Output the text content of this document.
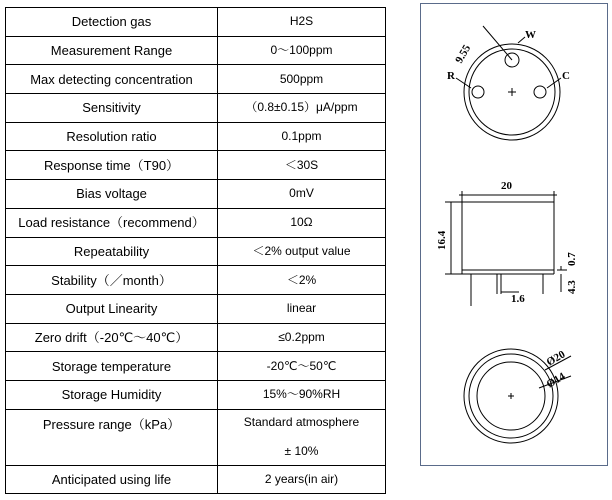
Detection gas	H2S
Measurement Range	0～100ppm
Max detecting concentration	500ppm
Sensitivity	（0.8±0.15）μA/ppm
Resolution ratio	0.1ppm
Response time（T90）	＜30S
Bias voltage	0mV
Load resistance（recommend）	10Ω
Repeatability	＜2% output value
Stability（／month）	＜2%
Output Linearity	linear
Zero drift（-20℃～40℃）	≤0.2ppm
Storage temperature	-20℃～50℃
Storage Humidity	15%～90%RH
Pressure range（kPa）	Standard atmosphere
± 10%

Anticipated using life	2 years(in air)
9.55
W
R	C
20
16.4
0.7
4.3
1.6
Ø20
Ø14
